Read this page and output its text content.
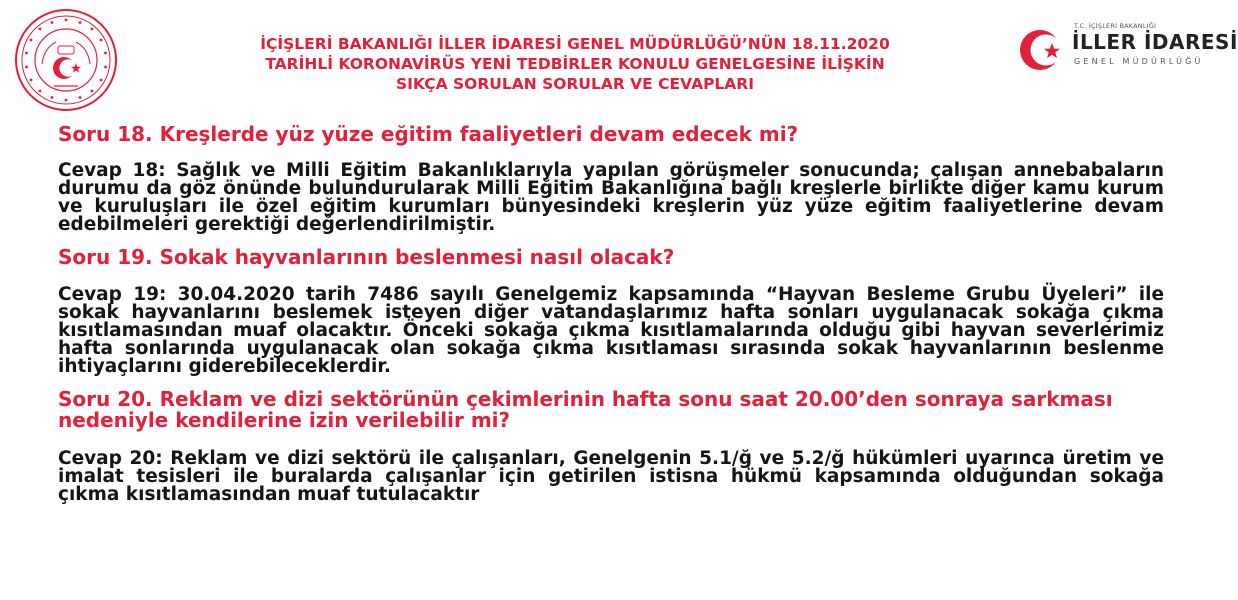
İÇİŞLERİ BAKANLIĞI İLLER İDARESİ GENEL MÜDÜRLÜĞÜ’NÜN 18.11.2020
TARİHLİ KORONAVİRÜS YENİ TEDBİRLER KONULU GENELGESİNE İLİŞKİN
SIKÇA SORULAN SORULAR VE CEVAPLARI
T.C. İÇİŞLERİ BAKANLIĞI
İLLER İDARESİ
GENEL MÜDÜRLÜĞÜ

Soru 18. Kreşlerde yüz yüze eğitim faaliyetleri devam edecek mi?

Cevap 18: Sağlık ve Milli Eğitim Bakanlıklarıyla yapılan görüşmeler sonucunda; çalışan annebabaların durumu da göz önünde bulundurularak Milli Eğitim Bakanlığına bağlı kreşlerle birlikte diğer kamu kurum ve kuruluşları ile özel eğitim kurumları bünyesindeki kreşlerin yüz yüze eğitim faaliyetlerine devam edebilmeleri gerektiği değerlendirilmiştir.

Soru 19. Sokak hayvanlarının beslenmesi nasıl olacak?

Cevap 19: 30.04.2020 tarih 7486 sayılı Genelgemiz kapsamında “Hayvan Besleme Grubu Üyeleri” ile sokak hayvanlarını beslemek isteyen diğer vatandaşlarımız hafta sonları uygulanacak sokağa çıkma kısıtlamasından muaf olacaktır. Önceki sokağa çıkma kısıtlamalarında olduğu gibi hayvan severlerimiz hafta sonlarında uygulanacak olan sokağa çıkma kısıtlaması sırasında sokak hayvanlarının beslenme ihtiyaçlarını giderebileceklerdir.

Soru 20. Reklam ve dizi sektörünün çekimlerinin hafta sonu saat 20.00’den sonraya sarkması nedeniyle kendilerine izin verilebilir mi?

Cevap 20: Reklam ve dizi sektörü ile çalışanları, Genelgenin 5.1/ğ ve 5.2/ğ hükümleri uyarınca üretim ve imalat tesisleri ile buralarda çalışanlar için getirilen istisna hükmü kapsamında olduğundan sokağa çıkma kısıtlamasından muaf tutulacaktır
